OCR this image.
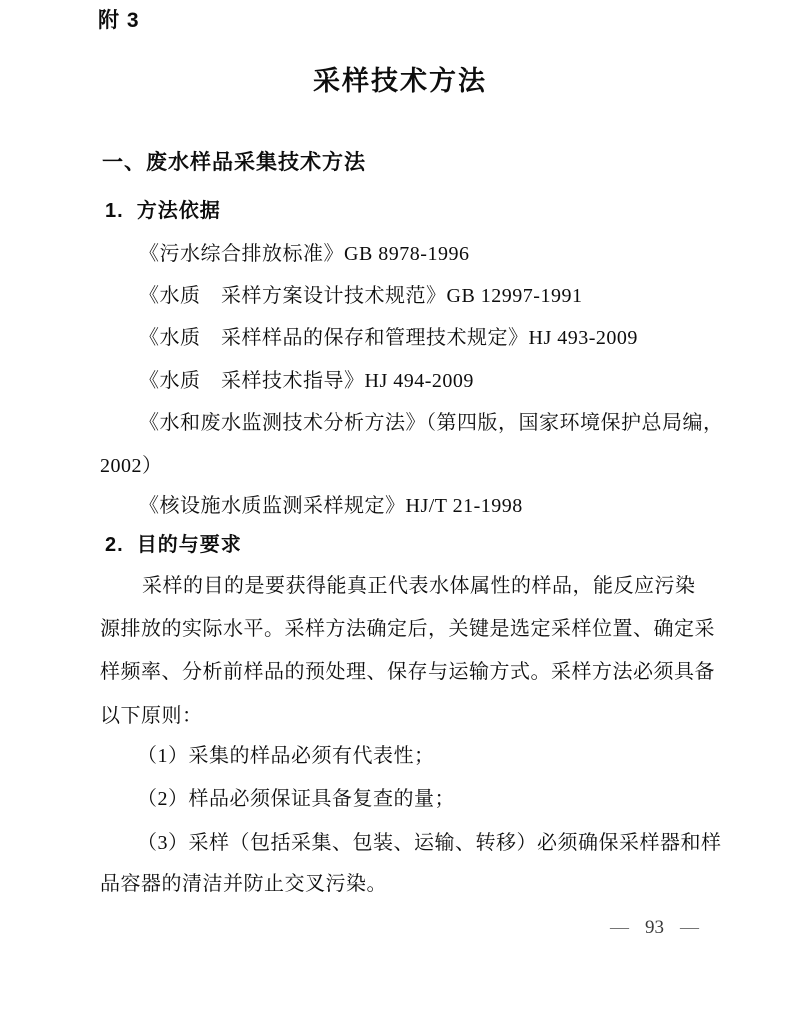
附 3
采样技术方法
一、废水样品采集技术方法
1.  方法依据
《污水综合排放标准》GB 8978-1996
《水质　采样方案设计技术规范》GB 12997-1991
《水质　采样样品的保存和管理技术规定》HJ 493-2009
《水质　采样技术指导》HJ 494-2009
《水和废水监测技术分析方法》（第四版，国家环境保护总局编，
2002）
《核设施水质监测采样规定》HJ/T 21-1998
2.  目的与要求
采样的目的是要获得能真正代表水体属性的样品，能反应污染
源排放的实际水平。采样方法确定后，关键是选定采样位置、确定采
样频率、分析前样品的预处理、保存与运输方式。采样方法必须具备
以下原则：
（1）采集的样品必须有代表性；
（2）样品必须保证具备复查的量；
（3）采样（包括采集、包装、运输、转移）必须确保采样器和样
品容器的清洁并防止交叉污染。
— 93 —
